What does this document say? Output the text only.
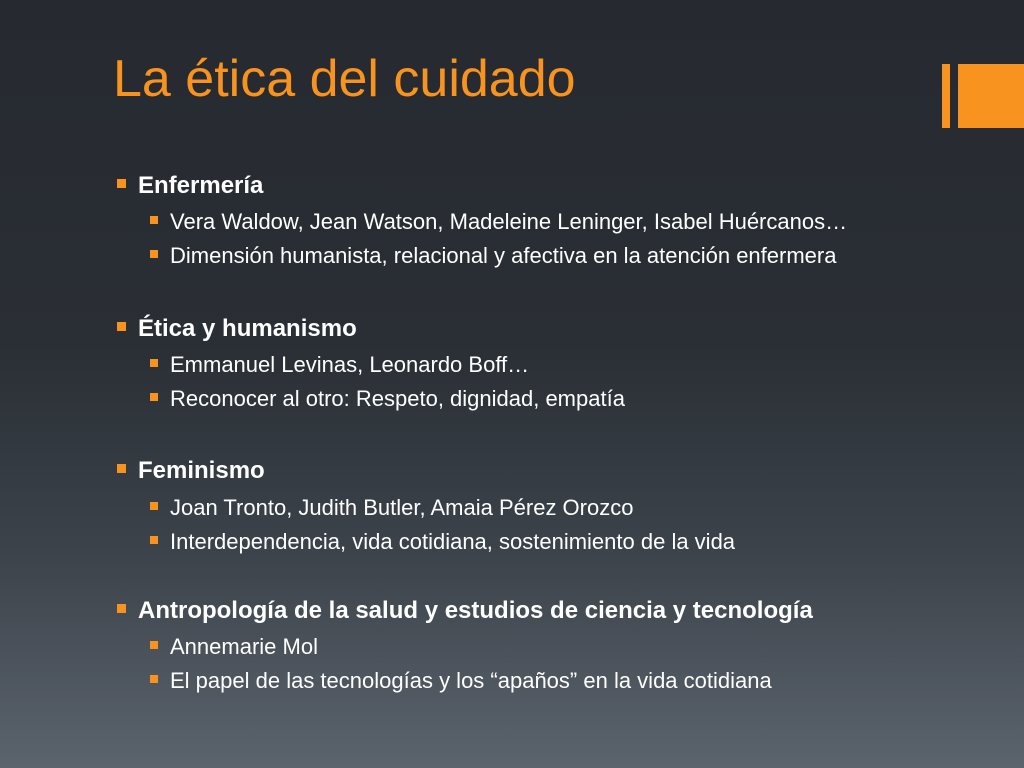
La ética del cuidado
Enfermería
Vera Waldow, Jean Watson, Madeleine Leninger, Isabel Huércanos…
Dimensión humanista, relacional y afectiva en la atención enfermera
Ética y humanismo
Emmanuel Levinas, Leonardo Boff…
Reconocer al otro: Respeto, dignidad, empatía
Feminismo
Joan Tronto, Judith Butler, Amaia Pérez Orozco
Interdependencia, vida cotidiana, sostenimiento de la vida
Antropología de la salud y estudios de ciencia y tecnología
Annemarie Mol
El papel de las tecnologías y los “apaños” en la vida cotidiana
